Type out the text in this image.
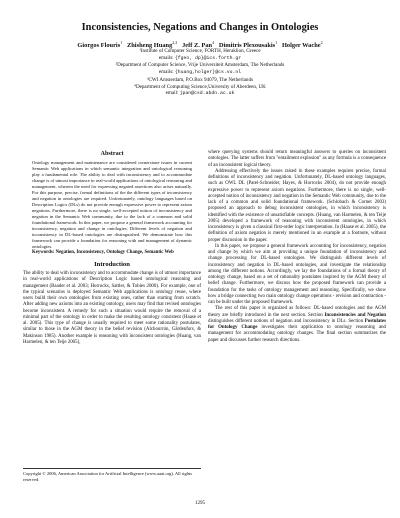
Inconsistencies, Negations and Changes in Ontologies
Giorgos Flouris$^1$ Zhisheng Huang$^{2,3}$ Jeff Z. Pan$^4$ Dimitris Plexousakis$^1$ Holger Wache$^2$
¹Institute of Computer Science, FORTH, Heraklion, Greece
emails: {fgeo, dp}@ics.forth.gr
²Department of Computer Science, Vrije Universiteit Amsterdam, The Netherlands
emails: {huang,holger}@cs.vu.nl
³CWI Amsterdam, P.O.Box 94079, The Netherlands
⁴Department of Computing Science,University of Aberdeen, UK
email: jpan@csd.abdn.ac.uk
Abstract

Ontology management and maintenance are considered cornerstone issues in current Semantic Web applications in which semantic integration and ontological reasoning play a fundamental role. The ability to deal with inconsistency and to accommodate change is of utmost importance in real-world applications of ontological reasoning and management, wherein the need for expressing negated assertions also arises naturally. For this purpose, precise, formal definitions of the the different types of inconsistency and negation in ontologies are required. Unfortunately, ontology languages based on Description Logics (DLs) do not provide enough expressive power to represent axiom negations. Furthermore, there is no single, well-accepted notion of inconsistency and negation in the Semantic Web community, due to the lack of a common and solid foundational framework. In this paper, we propose a general framework accounting for inconsistency, negation and change in ontologies. Different levels of negation and inconsistency in DL-based ontologies are distinguished. We demonstrate how this framework can provide a foundation for reasoning with and management of dynamic ontologies.

Keywords: Negation, Inconsistency, Ontology Change, Semantic Web

Introduction

The ability to deal with inconsistency and to accommodate change is of utmost importance in real-world applications of Description Logic based ontological reasoning and management (Baader et al. 2003; Horrocks, Sattler, & Tobies 2000). For example, one of the typical scenarios is deployed Semantic Web applications is ontology reuse, where users build their own ontologies from existing ones, rather than starting from scratch. After adding new axioms into an existing ontology, users may find that revised ontologies become inconsistent. A remedy for such a situation would require the removal of a minimal part of the ontology in order to make the resulting ontology consistent (Haase et al. 2005). This type of change is usually required to meet some rationality postulates, similar to those in the AGM theory in the belief revision (Alchourrón, Gärdenfors, & Makinson 1985). Another example is reasoning with inconsistent ontologies (Huang, van Harmelen, & ten Teije 2005),

Copyright © 2006, American Association for Artificial Intelligence (www.aaai.org). All rights reserved.

where querying systems should return meaningful answers to queries on inconsistent ontologies. The latter suffers from "entailment explosion" as any formula is a consequence of an inconsistent logical theory.

Addressing effectively the issues raised in these examples requires precise, formal definitions of inconsistency and negation. Unfortunately, DL-based ontology languages, such as OWL DL (Patel-Schneider, Hayes, & Horrocks 2004), do not provide enough expressive power to represent axiom negations. Furthermore, there is no single, well-accepted notion of inconsistency and negation in the Semantic Web community, due to the lack of a common and solid foundational framework. (Schlobach & Cornet 2003) proposed an approach to debug inconsistent ontologies, in which inconsistency is identified with the existence of unsatisfiable concepts. (Huang, van Harmelen, & ten Teije 2005) developed a framework of reasoning with inconsistent ontologies, in which inconsistency is given a classical first-order logic interpretation. In (Haase et al. 2005), the definition of axiom negation is merely mentioned in an example at a footnote, without proper discussion in the paper.

In this paper, we propose a general framework accounting for inconsistency, negation and change by which we aim at providing a unique foundation of inconsistency and change processing for DL-based ontologies. We distinguish different levels of inconsistency and negation in DL-based ontologies, and investigate the relationship among the different notions. Accordingly, we lay the foundations of a formal theory of ontology change, based on a set of rationality postulates inspired by the AGM theory of belief change. Furthermore, we discuss how the proposed framework can provide a foundation for the tasks of ontology management and reasoning. Specifically, we show how a bridge connecting two main ontology change operations - revision and contraction - can be built under the proposed framework.

The rest of this paper is organized as follows: DL-based ontologies and the AGM theory are briefly introduced in the next section. Section Inconsistencies and Negation distinguishes different notions of negation and inconsistency in DLs. Section Postulates for Ontology Change investigates their application to ontology reasoning and management for accommodating ontology changes. The final section summarizes the paper and discusses further research directions.

1295
